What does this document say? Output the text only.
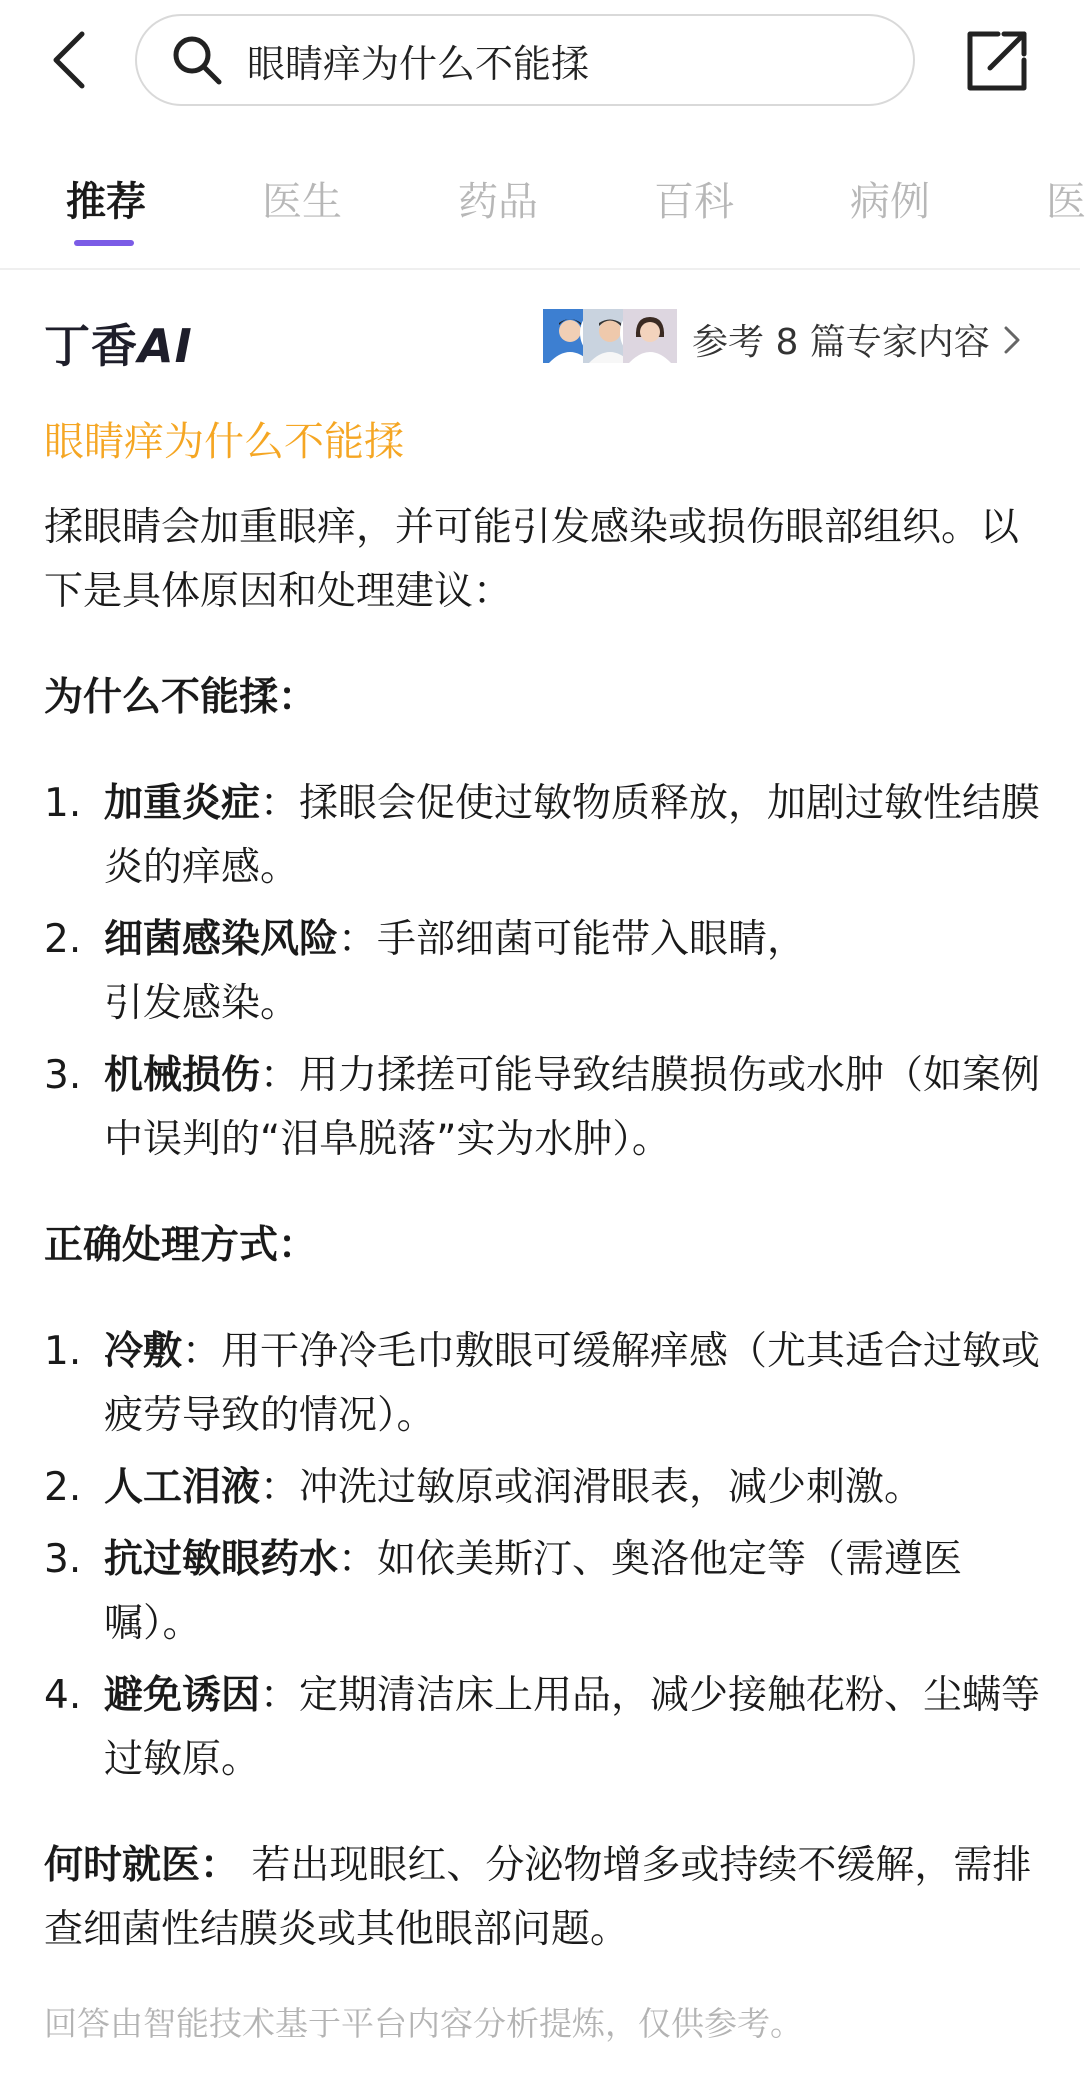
眼睛痒为什么不能揉
推荐	医生	药品	百科	病例	医
丁香AI	参考 8 篇专家内容
眼睛痒为什么不能揉

揉眼睛会加重眼痒，并可能引发感染或损伤眼部组织。以下是具体原因和处理建议：

为什么不能揉：
1. 加重炎症：揉眼会促使过敏物质释放，加剧过敏性结膜炎的痒感。
2. 细菌感染风险：手部细菌可能带入眼睛，
引发感染。
3. 机械损伤：用力揉搓可能导致结膜损伤或水肿（如案例中误判的“泪阜脱落”实为水肿）。
正确处理方式：
1. 冷敷：用干净冷毛巾敷眼可缓解痒感（尤其适合过敏或疲劳导致的情况）。
2. 人工泪液：冲洗过敏原或润滑眼表，减少刺激。
3. 抗过敏眼药水：如依美斯汀、奥洛他定等（需遵医嘱）。
4. 避免诱因：定期清洁床上用品，减少接触花粉、尘螨等过敏原。

何时就医： 若出现眼红、分泌物增多或持续不缓解，需排查细菌性结膜炎或其他眼部问题。

回答由智能技术基于平台内容分析提炼，仅供参考。
